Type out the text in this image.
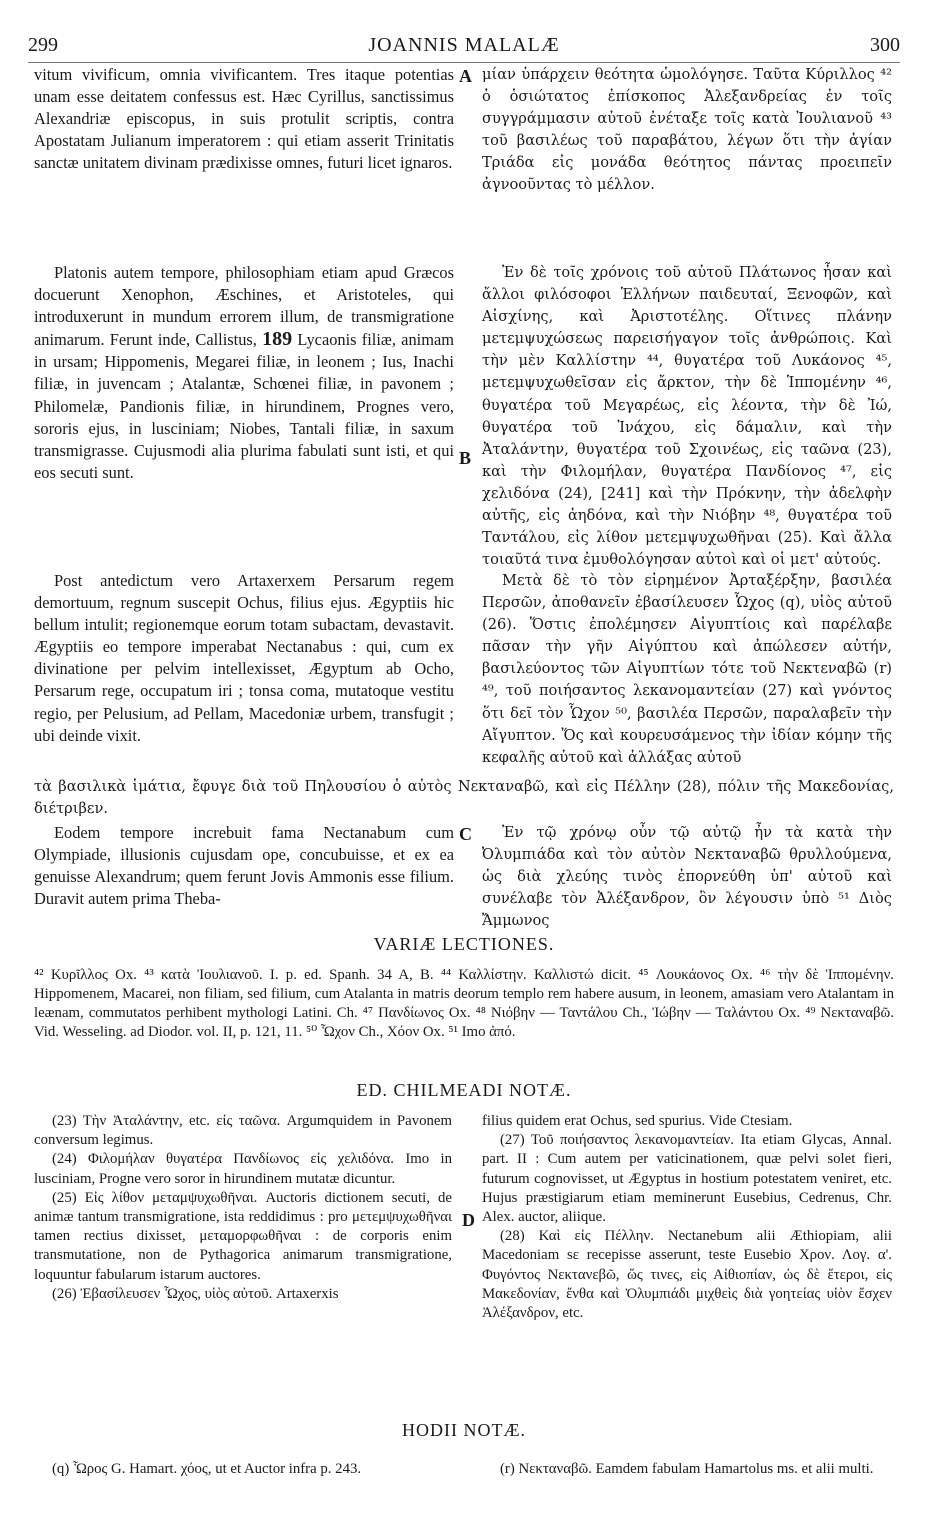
299	JOANNIS MALALÆ	300
A
B
C
D

vitum vivificum, omnia vivificantem. Tres itaque potentias unam esse deitatem confessus est. Hæc Cyrillus, sanctissimus Alexandriæ episcopus, in suis protulit scriptis, contra Apostatam Julianum imperatorem : qui etiam asserit Trinitatis sanctæ unitatem divinam prædixisse omnes, futuri licet ignaros.

Platonis autem tempore, philosophiam etiam apud Græcos docuerunt Xenophon, Æschines, et Aristoteles, qui introduxerunt in mundum errorem illum, de transmigratione animarum. Ferunt inde, Callistus, 189 Lycaonis filiæ, animam in ursam; Hippomenis, Megarei filiæ, in leonem ; Ius, Inachi filiæ, in juvencam ; Atalantæ, Schœnei filiæ, in pavonem ; Philomelæ, Pandionis filiæ, in hirundinem, Prognes vero, sororis ejus, in lusciniam; Niobes, Tantali filiæ, in saxum transmigrasse. Cujusmodi alia plurima fabulati sunt isti, et qui eos secuti sunt.

Post antedictum vero Artaxerxem Persarum regem demortuum, regnum suscepit Ochus, filius ejus. Ægyptiis hic bellum intulit; regionemque eorum totam subactam, devastavit. Ægyptiis eo tempore imperabat Nectanabus : qui, cum ex divinatione per pelvim intellexisset, Ægyptum ab Ocho, Persarum rege, occupatum iri ; tonsa coma, mutatoque vestitu regio, per Pelusium, ad Pellam, Macedoniæ urbem, transfugit ; ubi deinde vixit.

Eodem tempore increbuit fama Nectanabum cum Olympiade, illusionis cujusdam ope, concubuisse, et ex ea genuisse Alexandrum; quem ferunt Jovis Ammonis esse filium. Duravit autem prima Theba-

μίαν ὑπάρχειν θεότητα ὡμολόγησε. Ταῦτα Κύριλλος ⁴² ὁ ὁσιώτατος ἐπίσκοπος Ἀλεξανδρείας ἐν τοῖς συγγράμμασιν αὐτοῦ ἐνέταξε τοῖς κατὰ Ἰουλιανοῦ ⁴³ τοῦ βασιλέως τοῦ παραβάτου, λέγων ὅτι τὴν ἁγίαν Τριάδα εἰς μονάδα θεότητος πάντας προειπεῖν ἀγνοοῦντας τὸ μέλλον.

Ἐν δὲ τοῖς χρόνοις τοῦ αὐτοῦ Πλάτωνος ἦσαν καὶ ἄλλοι φιλόσοφοι Ἑλλήνων παιδευταί, Ξενοφῶν, καὶ Αἰσχίνης, καὶ Ἀριστοτέλης. Οἵτινες πλάνην μετεμψυχώσεως παρεισήγαγον τοῖς ἀνθρώποις. Καὶ τὴν μὲν Καλλίστην ⁴⁴, θυγατέρα τοῦ Λυκάονος ⁴⁵, μετεμψυχωθεῖσαν εἰς ἄρκτον, τὴν δὲ Ἱππομένην ⁴⁶, θυγατέρα τοῦ Μεγαρέως, εἰς λέοντα, τὴν δὲ Ἰώ, θυγατέρα τοῦ Ἰνάχου, εἰς δάμαλιν, καὶ τὴν Ἀταλάντην, θυγατέρα τοῦ Σχοινέως, εἰς ταῶνα (23), καὶ τὴν Φιλομήλαν, θυγατέρα Πανδίονος ⁴⁷, εἰς χελιδόνα (24), [241] καὶ τὴν Πρόκνην, τὴν ἀδελφὴν αὐτῆς, εἰς ἀηδόνα, καὶ τὴν Νιόβην ⁴⁸, θυγατέρα τοῦ Ταντάλου, εἰς λίθον μετεμψυχωθῆναι (25). Καὶ ἄλλα τοιαῦτά τινα ἐμυθολόγησαν αὐτοὶ καὶ οἱ μετ' αὐτούς.

Μετὰ δὲ τὸ τὸν εἰρημένον Ἀρταξέρξην, βασιλέα Περσῶν, ἀποθανεῖν ἐβασίλευσεν Ὧχος (q), υἱὸς αὐτοῦ (26). Ὅστις ἐπολέμησεν Αἰγυπτίοις καὶ παρέλαβε πᾶσαν τὴν γῆν Αἰγύπτου καὶ ἀπώλεσεν αὐτήν, βασιλεύοντος τῶν Αἰγυπτίων τότε τοῦ Νεκτεναβῶ (r) ⁴⁹, τοῦ ποιήσαντος λεκανομαντείαν (27) καὶ γνόντος ὅτι δεῖ τὸν Ὧχον ⁵⁰, βασιλέα Περσῶν, παραλαβεῖν τὴν Αἴγυπτον. Ὅς καὶ κουρευσάμενος τὴν ἰδίαν κόμην τῆς κεφαλῆς αὐτοῦ καὶ ἀλλάξας αὐτοῦ

τὰ βασιλικὰ ἱμάτια, ἔφυγε διὰ τοῦ Πηλουσίου ὁ αὐτὸς Νεκταναβῶ, καὶ εἰς Πέλλην (28), πόλιν τῆς Μακεδονίας, διέτριβεν.

Ἐν τῷ χρόνῳ οὖν τῷ αὐτῷ ἦν τὰ κατὰ τὴν Ὀλυμπιάδα καὶ τὸν αὐτὸν Νεκταναβῶ θρυλλούμενα, ὡς διὰ χλεύης τινὸς ἐπορνεύθη ὑπ' αὐτοῦ καὶ συνέλαβε τὸν Ἀλέξανδρον, ὃν λέγουσιν ὑπὸ ⁵¹ Διὸς Ἄμμωνος

VARIÆ LECTIONES.

⁴² Κυρῖλλος Ox. ⁴³ κατὰ Ἰουλιανοῦ. I. p. ed. Spanh. 34 A, B. ⁴⁴ Καλλίστην. Καλλιστώ dicit. ⁴⁵ Λουκάονος Ox. ⁴⁶ τὴν δὲ Ἱππομένην. Hippomenem, Macarei, non filiam, sed filium, cum Atalanta in matris deorum templo rem habere ausum, in leonem, amasiam vero Atalantam in leænam, commutatos perhibent mythologi Latini. Ch. ⁴⁷ Πανδίωνος Ox. ⁴⁸ Νιόβην — Ταντάλου Ch., Ἰώβην — Ταλάντου Ox. ⁴⁹ Νεκταναβῶ. Vid. Wesseling. ad Diodor. vol. II, p. 121, 11. ⁵⁰ Ὧχον Ch., Χόον Ox. ⁵¹ Imo ἀπό.

ED. CHILMEADI NOTÆ.

(23) Τὴν Ἀταλάντην, etc. εἰς ταῶνα. Argumquidem in Pavonem conversum legimus.

(24) Φιλομήλαν θυγατέρα Πανδίωνος εἰς χελιδόνα. Imo in lusciniam, Progne vero soror in hirundinem mutatæ dicuntur.

(25) Εἰς λίθον μεταμψυχωθῆναι. Auctoris dictionem secuti, de animæ tantum transmigratione, ista reddidimus : pro μετεμψυχωθῆναι tamen rectius dixisset, μεταμορφωθῆναι : de corporis enim transmutatione, non de Pythagorica animarum transmigratione, loquuntur fabularum istarum auctores.

(26) Ἐβασίλευσεν Ὧχος, υἱὸς αὐτοῦ. Artaxerxis

filius quidem erat Ochus, sed spurius. Vide Ctesiam.

(27) Τοῦ ποιήσαντος λεκανομαντείαν. Ita etiam Glycas, Annal. part. II : Cum autem per vaticinationem, quæ pelvi solet fieri, futurum cognovisset, ut Ægyptus in hostium potestatem veniret, etc. Hujus præstigiarum etiam meminerunt Eusebius, Cedrenus, Chr. Alex. auctor, aliique.

(28) Καὶ εἰς Πέλλην. Nectanebum alii Æthiopiam, alii Macedoniam sε recepisse asserunt, teste Eusebio Χρον. Λογ. α'. Φυγόντος Νεκτανεβῶ, ὥς τινες, εἰς Αἰθιοπίαν, ὡς δὲ ἕτεροι, εἰς Μακεδονίαν, ἔνθα καὶ Ὀλυμπιάδι μιχθεὶς διὰ γοητείας υἱὸν ἔσχεν Ἀλέξανδρον, etc.

HODII NOTÆ.

(q) Ὧρος G. Hamart. χόος, ut et Auctor infra p. 243.	(r) Νεκταναβῶ. Eamdem fabulam Hamartolus ms. et alii multi.
